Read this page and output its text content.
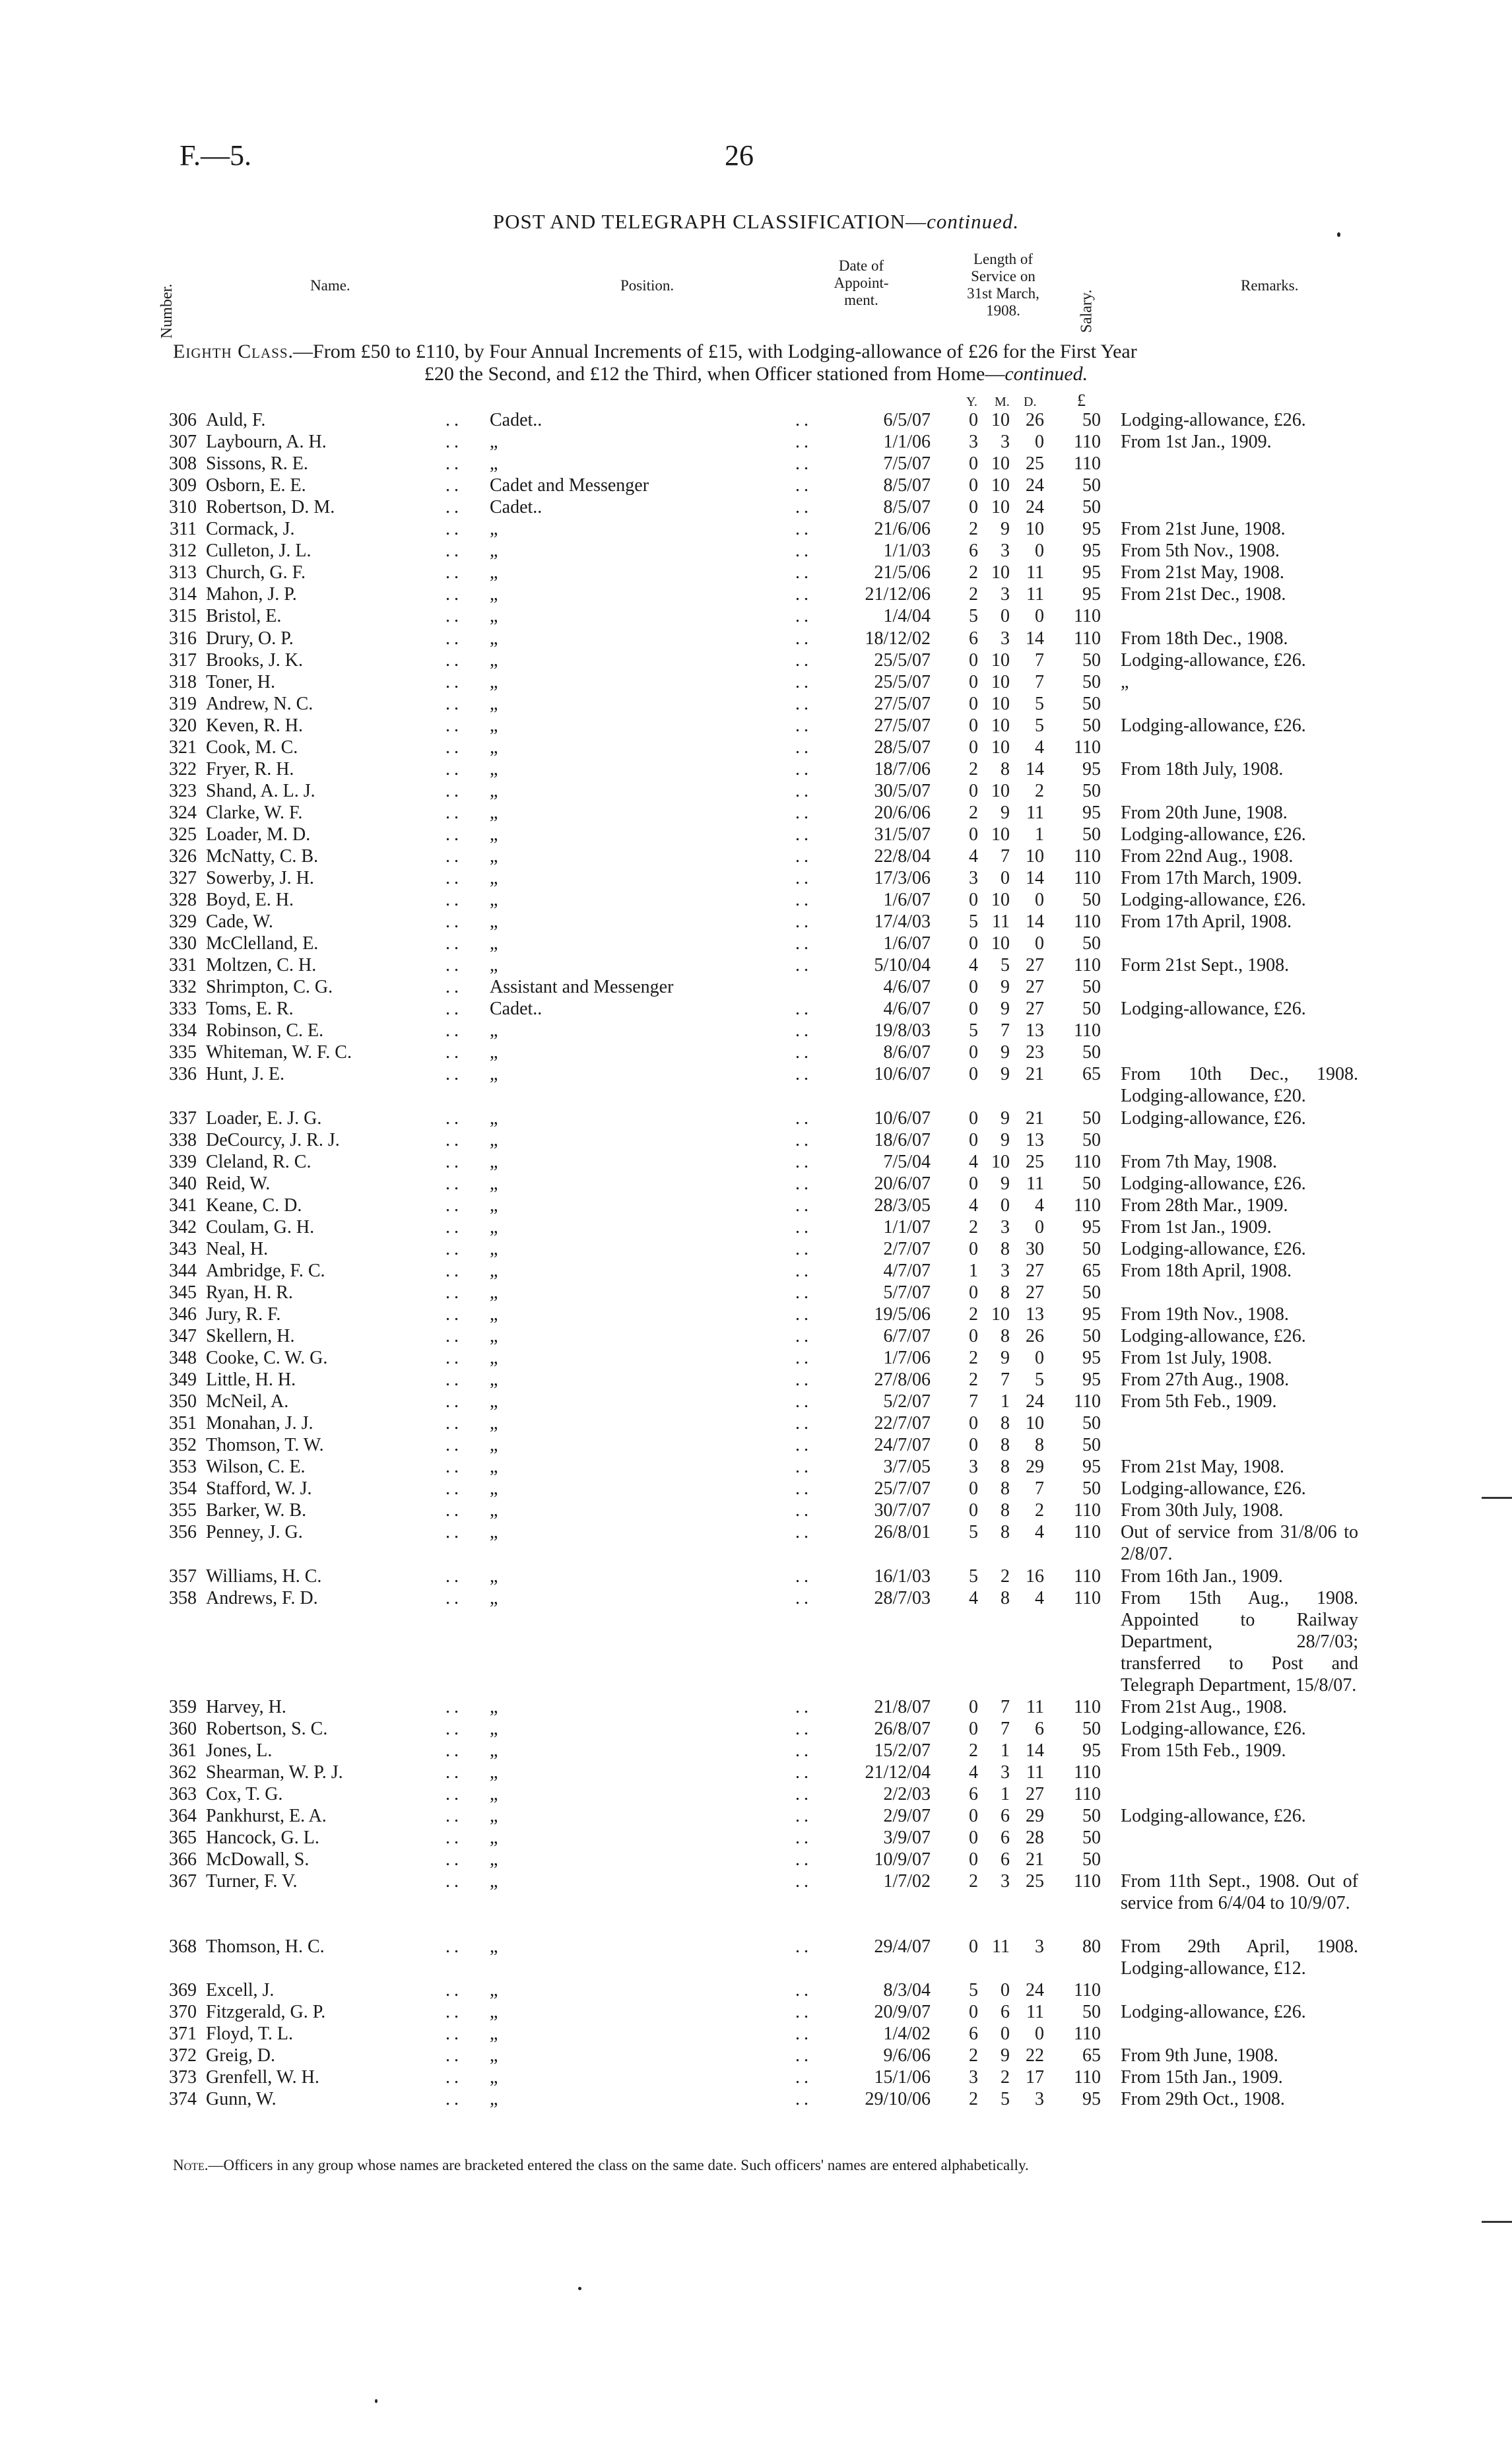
F.—5.	26
POST AND TELEGRAPH CLASSIFICATION—continued.
Number.	Name.	Position.
Date of
Appoint-
ment.
Length of
Service on
31st March,
1908.	Salary.
Remarks.
Eighth Class.—From £50 to £110, by Four Annual Increments of £15, with Lodging-allowance of £26 for the First Year
£20 the Second, and £12 the Third, when Officer stationed from Home—continued.
Y. M. D. £
306 Auld, F.	..	Cadet..	..	6/5/07	0 10 26	50 Lodging-allowance, £26.
307 Laybourn, A. H.	..	„	..	1/1/06	3	3	0	110 From 1st Jan., 1909.
308 Sissons, R. E.	..	„	..	7/5/07	0 10 25	110
309 Osborn, E. E.	..	Cadet and Messenger	..	8/5/07	0 10 24	50
310 Robertson, D. M.	..	Cadet..	..	8/5/07	0 10 24	50
311 Cormack, J.	..	„	..	21/6/06	2	9 10	95 From 21st June, 1908.
312 Culleton, J. L.	..	„	..	1/1/03	6	3	0	95 From 5th Nov., 1908.
313 Church, G. F.	..	„	..	21/5/06	2 10 11	95 From 21st May, 1908.
314 Mahon, J. P.	..	„	..	21/12/06	2	3 11	95 From 21st Dec., 1908.
315 Bristol, E.	..	„	..	1/4/04	5	0	0	110
316 Drury, O. P.	..	„	..	18/12/02	6	3 14	110 From 18th Dec., 1908.
317 Brooks, J. K.	..	„	..	25/5/07	0 10	7	50 Lodging-allowance, £26.
318 Toner, H.	..	„	..	25/5/07	0 10	7	50 „
319 Andrew, N. C.	..	„	..	27/5/07	0 10	5	50
320 Keven, R. H.	..	„	..	27/5/07	0 10	5	50 Lodging-allowance, £26.
321 Cook, M. C.	..	„	..	28/5/07	0 10	4	110
322 Fryer, R. H.	..	„	..	18/7/06	2	8 14	95 From 18th July, 1908.
323 Shand, A. L. J.	..	„	..	30/5/07	0 10	2	50
324 Clarke, W. F.	..	„	..	20/6/06	2	9 11	95 From 20th June, 1908.
325 Loader, M. D.	..	„	..	31/5/07	0 10	1	50 Lodging-allowance, £26.
326 McNatty, C. B.	..	„	..	22/8/04	4	7 10	110 From 22nd Aug., 1908.
327 Sowerby, J. H.	..	„	..	17/3/06	3	0 14	110 From 17th March, 1909.
328 Boyd, E. H.	..	„	..	1/6/07	0 10	0	50 Lodging-allowance, £26.
329 Cade, W.	..	„	..	17/4/03	5 11 14	110 From 17th April, 1908.
330 McClelland, E.	..	„	..	1/6/07	0 10	0	50
331 Moltzen, C. H.	..	„	..	5/10/04	4	5 27	110 Form 21st Sept., 1908.
332 Shrimpton, C. G.	..	Assistant and Messenger	4/6/07	0	9 27	50
333 Toms, E. R.	..	Cadet..	..	4/6/07	0	9 27	50 Lodging-allowance, £26.
334 Robinson, C. E.	..	„	..	19/8/03	5	7 13	110
335 Whiteman, W. F. C.	..	„	..	8/6/07	0	9 23	50
336 Hunt, J. E.	..	„	..	10/6/07	0	9 21	65 From 10th Dec., 1908. Lodging-allowance, £20.
337 Loader, E. J. G.	..	„	..	10/6/07	0	9 21	50 Lodging-allowance, £26.
338 DeCourcy, J. R. J.	..	„	..	18/6/07	0	9 13	50
339 Cleland, R. C.	..	„	..	7/5/04	4 10 25	110 From 7th May, 1908.
340 Reid, W.	..	„	..	20/6/07	0	9 11	50 Lodging-allowance, £26.
341 Keane, C. D.	..	„	..	28/3/05	4	0	4	110 From 28th Mar., 1909.
342 Coulam, G. H.	..	„	..	1/1/07	2	3	0	95 From 1st Jan., 1909.
343 Neal, H.	..	„	..	2/7/07	0	8 30	50 Lodging-allowance, £26.
344 Ambridge, F. C.	..	„	..	4/7/07	1	3 27	65 From 18th April, 1908.
345 Ryan, H. R.	..	„	..	5/7/07	0	8 27	50
346 Jury, R. F.	..	„	..	19/5/06	2 10 13	95 From 19th Nov., 1908.
347 Skellern, H.	..	„	..	6/7/07	0	8 26	50 Lodging-allowance, £26.
348 Cooke, C. W. G.	..	„	..	1/7/06	2	9	0	95 From 1st July, 1908.
349 Little, H. H.	..	„	..	27/8/06	2	7	5	95 From 27th Aug., 1908.
350 McNeil, A.	..	„	..	5/2/07	7	1 24	110 From 5th Feb., 1909.
351 Monahan, J. J.	..	„	..	22/7/07	0	8 10	50
352 Thomson, T. W.	..	„	..	24/7/07	0	8	8	50
353 Wilson, C. E.	..	„	..	3/7/05	3	8 29	95 From 21st May, 1908.
354 Stafford, W. J.	..	„	..	25/7/07	0	8	7	50 Lodging-allowance, £26.
355 Barker, W. B.	..	„	..	30/7/07	0	8	2	110 From 30th July, 1908.
356 Penney, J. G.	..	„	..	26/8/01	5	8	4	110 Out of service from 31/8/06 to 2/8/07.
357 Williams, H. C.	..	„	..	16/1/03	5	2 16	110 From 16th Jan., 1909.
358 Andrews, F. D.	..	„	..	28/7/03	4	8	4	110 From 15th Aug., 1908. Appointed to Railway Department, 28/7/03; transferred to Post and Telegraph Department, 15/8/07.
359 Harvey, H.	..	„	..	21/8/07	0	7 11	110 From 21st Aug., 1908.
360 Robertson, S. C.	..	„	..	26/8/07	0	7	6	50 Lodging-allowance, £26.
361 Jones, L.	..	„	..	15/2/07	2	1 14	95 From 15th Feb., 1909.
362 Shearman, W. P. J.	..	„	..	21/12/04	4	3 11	110
363 Cox, T. G.	..	„	..	2/2/03	6	1 27	110
364 Pankhurst, E. A.	..	„	..	2/9/07	0	6 29	50 Lodging-allowance, £26.
365 Hancock, G. L.	..	„	..	3/9/07	0	6 28	50
366 McDowall, S.	..	„	..	10/9/07	0	6 21	50
367 Turner, F. V.	..	„	..	1/7/02	2	3 25	110 From 11th Sept., 1908. Out of service from 6/4/04 to 10/9/07.
368 Thomson, H. C.	..	„	..	29/4/07	0 11	3	80 From 29th April, 1908. Lodging-allowance, £12.
369 Excell, J.	..	„	..	8/3/04	5	0 24	110
370 Fitzgerald, G. P.	..	„	..	20/9/07	0	6 11	50 Lodging-allowance, £26.
371 Floyd, T. L.	..	„	..	1/4/02	6	0	0	110
372 Greig, D.	..	„	..	9/6/06	2	9 22	65 From 9th June, 1908.
373 Grenfell, W. H.	..	„	..	15/1/06	3	2 17	110 From 15th Jan., 1909.
374 Gunn, W.	..	„	..	29/10/06	2	5	3	95 From 29th Oct., 1908.
Note.—Officers in any group whose names are bracketed entered the class on the same date. Such officers' names are entered alphabetically.
